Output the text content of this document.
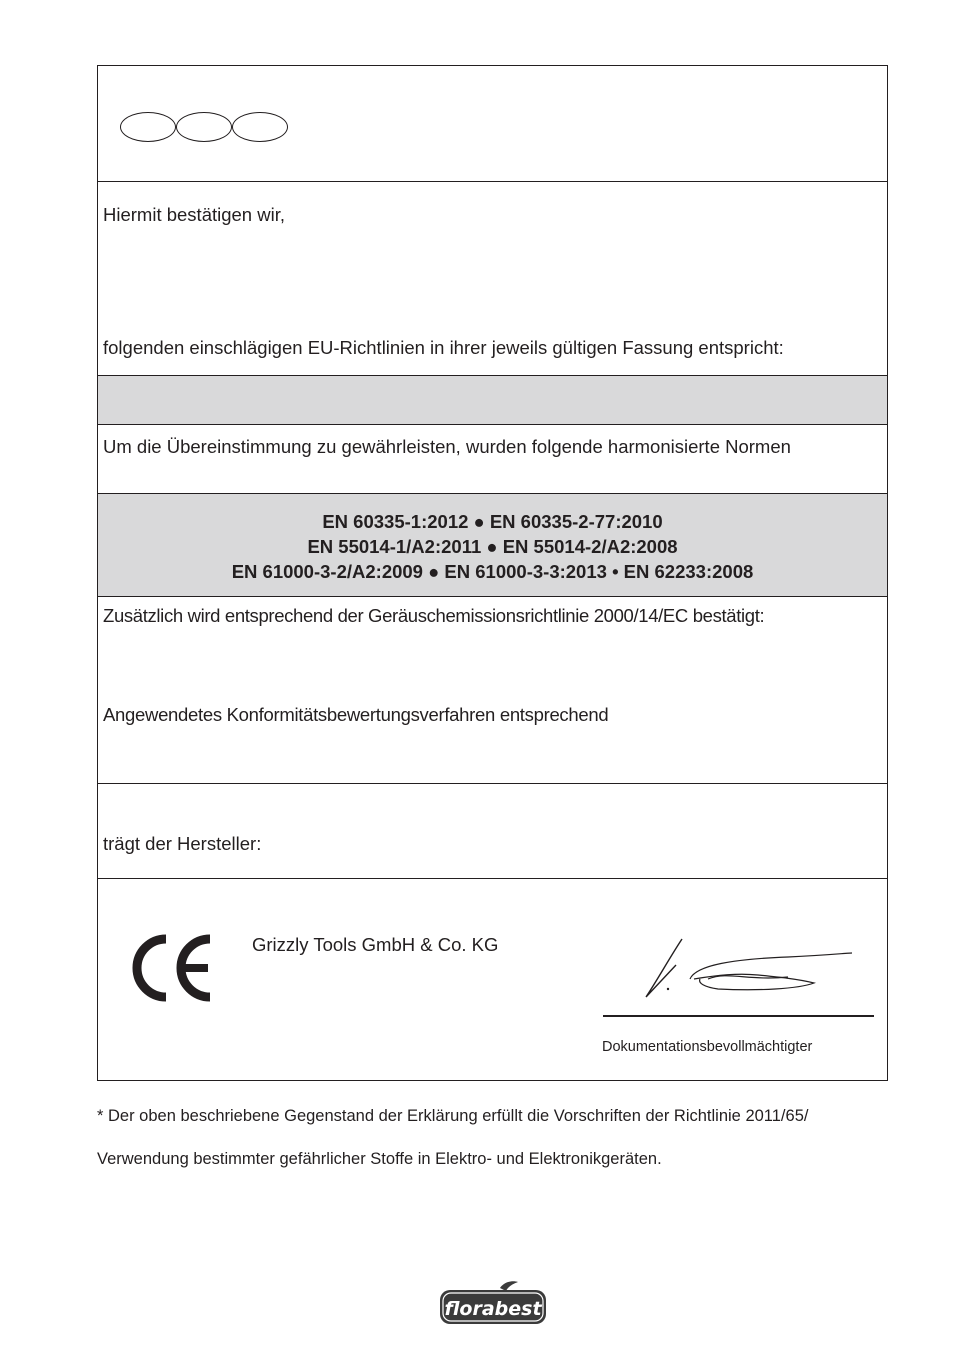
Hiermit bestätigen wir,
folgenden einschlägigen EU-Richtlinien in ihrer jeweils gültigen Fassung entspricht:
Um die Übereinstimmung zu gewährleisten, wurden folgende harmonisierte Normen
EN 60335-1:2012 ● EN 60335-2-77:2010
EN 55014-1/A2:2011 ● EN 55014-2/A2:2008
EN 61000-3-2/A2:2009 ● EN 61000-3-3:2013 • EN 62233:2008
Zusätzlich wird entsprechend der Geräuschemissionsrichtlinie 2000/14/EC bestätigt:
Angewendetes Konformitätsbewertungsverfahren entsprechend
trägt der Hersteller:
Grizzly Tools GmbH & Co. KG
Dokumentationsbevollmächtigter
* Der oben beschriebene Gegenstand der Erklärung erfüllt die Vorschriften der Richtlinie 2011/65/
Verwendung bestimmter gefährlicher Stoffe in Elektro- und Elektronikgeräten.
florabest
